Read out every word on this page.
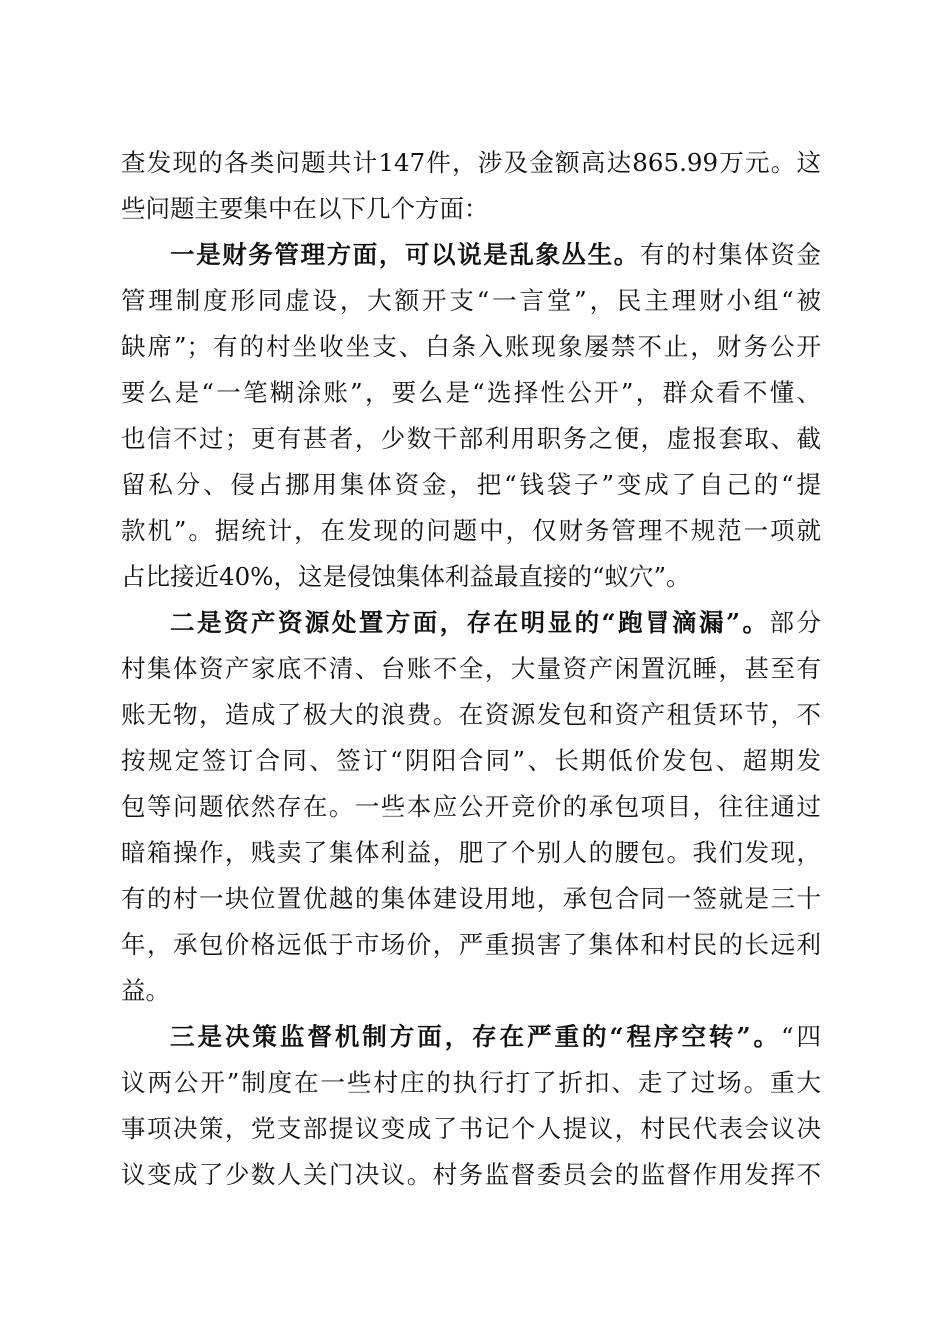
查发现的各类问题共计147件，涉及金额高达865.99万元。这
些问题主要集中在以下几个方面：
一是财务管理方面，可以说是乱象丛生。有的村集体资金
管理制度形同虚设，大额开支“一言堂”，民主理财小组“被
缺席”；有的村坐收坐支、白条入账现象屡禁不止，财务公开
要么是“一笔糊涂账”，要么是“选择性公开”，群众看不懂、
也信不过；更有甚者，少数干部利用职务之便，虚报套取、截
留私分、侵占挪用集体资金，把“钱袋子”变成了自己的“提
款机”。据统计，在发现的问题中，仅财务管理不规范一项就
占比接近40%，这是侵蚀集体利益最直接的“蚁穴”。
二是资产资源处置方面，存在明显的“跑冒滴漏”。部分
村集体资产家底不清、台账不全，大量资产闲置沉睡，甚至有
账无物，造成了极大的浪费。在资源发包和资产租赁环节，不
按规定签订合同、签订“阴阳合同”、长期低价发包、超期发
包等问题依然存在。一些本应公开竞价的承包项目，往往通过
暗箱操作，贱卖了集体利益，肥了个别人的腰包。我们发现，
有的村一块位置优越的集体建设用地，承包合同一签就是三十
年，承包价格远低于市场价，严重损害了集体和村民的长远利
益。
三是决策监督机制方面，存在严重的“程序空转”。“四
议两公开”制度在一些村庄的执行打了折扣、走了过场。重大
事项决策，党支部提议变成了书记个人提议，村民代表会议决
议变成了少数人关门决议。村务监督委员会的监督作用发挥不
